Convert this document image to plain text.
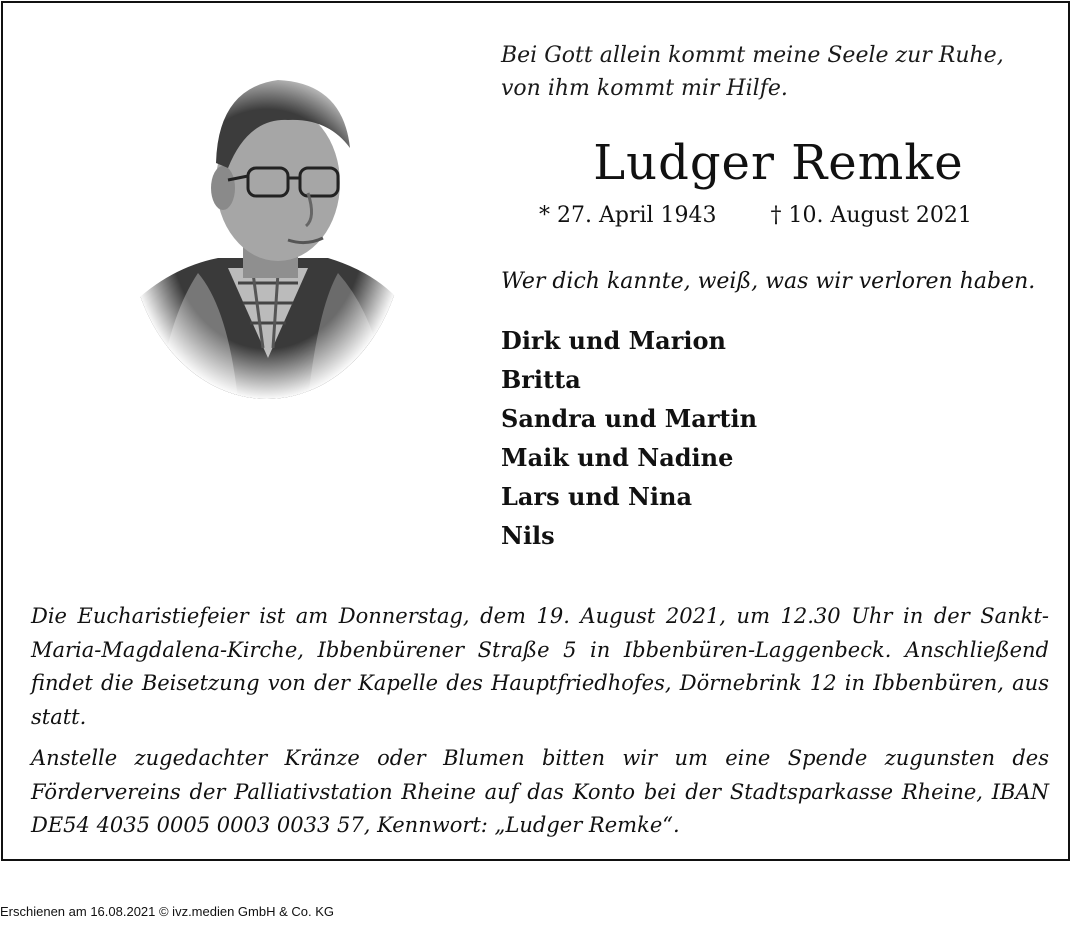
Bei Gott allein kommt meine Seele zur Ruhe,
von ihm kommt mir Hilfe.
Ludger Remke
* 27. April 1943 † 10. August 2021
Wer dich kannte, weiß, was wir verloren haben.
Dirk und Marion
Britta
Sandra und Martin
Maik und Nadine
Lars und Nina
Nils

Die Eucharistiefeier ist am Donnerstag, dem 19. August 2021, um 12.30 Uhr in der Sankt-Maria-Magdalena-Kirche, Ibbenbürener Straße 5 in Ibbenbüren-Laggenbeck. Anschließend findet die Beisetzung von der Kapelle des Hauptfriedhofes, Dörnebrink 12 in Ibbenbüren, aus statt.

Anstelle zugedachter Kränze oder Blumen bitten wir um eine Spende zugunsten des Fördervereins der Palliativstation Rheine auf das Konto bei der Stadtsparkasse Rheine, IBAN DE54 4035 0005 0003 0033 57, Kennwort: „Ludger Remke“.

Erschienen am 16.08.2021 © ivz.medien GmbH & Co. KG
